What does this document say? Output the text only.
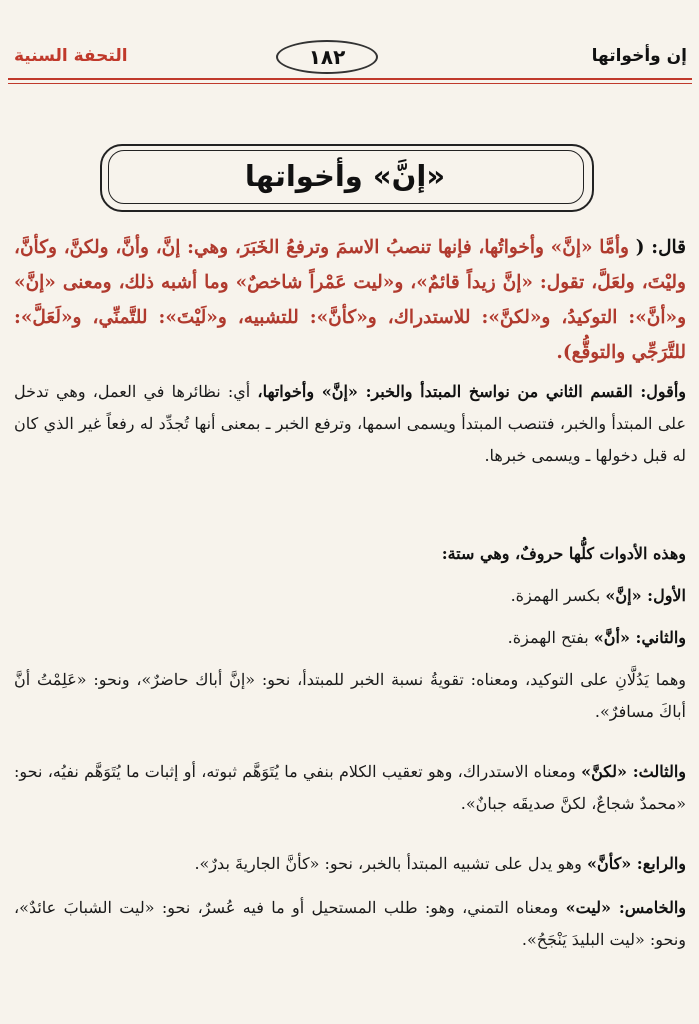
إن وأخواتها
١٨٢
التحفة السنية
«إنَّ» وأخواتها

قال: ( وأمَّا «إنَّ» وأخواتُها، فإنها تنصبُ الاسمَ وترفعُ الخَبَرَ، وهي: إنَّ، وأنَّ، ولكنَّ، وكأنَّ، وليْتَ، ولعَلَّ، تقول: «إنَّ زيداً قائمٌ»، و«ليت عَمْراً شاخصٌ» وما أشبه ذلك، ومعنى «إنَّ» و«أنَّ»: التوكيدُ، و«لكنَّ»: للاستدراك، و«كأنَّ»: للتشبيه، و«لَيْتَ»: للتَّمنِّي، و«لَعَلَّ»: للتَّرَجِّي والتوقُّع).

وأقول: القسم الثاني من نواسخ المبتدأ والخبر: «إنَّ» وأخواتها، أي: نظائرها في العمل، وهي تدخل على المبتدأ والخبر، فتنصب المبتدأ ويسمى اسمها، وترفع الخبر ـ بمعنى أنها تُجدِّد له رفعاً غير الذي كان له قبل دخولها ـ ويسمى خبرها.

وهذه الأدوات كلُّها حروفٌ، وهي ستة:

الأول: «إنَّ» بكسر الهمزة.

والثاني: «أنَّ» بفتح الهمزة.

وهما يَدُلَّانِ على التوكيد، ومعناه: تقويةُ نسبة الخبر للمبتدأ، نحو: «إنَّ أباك حاضرٌ»، ونحو: «عَلِمْتُ أنَّ أباكَ مسافرٌ».

والثالث: «لكنَّ» ومعناه الاستدراك، وهو تعقيب الكلام بنفي ما يُتَوَهَّم ثبوته، أو إثبات ما يُتَوَهَّم نفيُه، نحو: «محمدٌ شجاعٌ، لكنَّ صديقَه جبانٌ».

والرابع: «كأنَّ» وهو يدل على تشبيه المبتدأ بالخبر، نحو: «كأنَّ الجاريةَ بدرٌ».

والخامس: «ليت» ومعناه التمني، وهو: طلب المستحيل أو ما فيه عُسرٌ، نحو: «ليت الشبابَ عائدٌ»، ونحو: «ليت البليدَ يَنْجَحُ».
